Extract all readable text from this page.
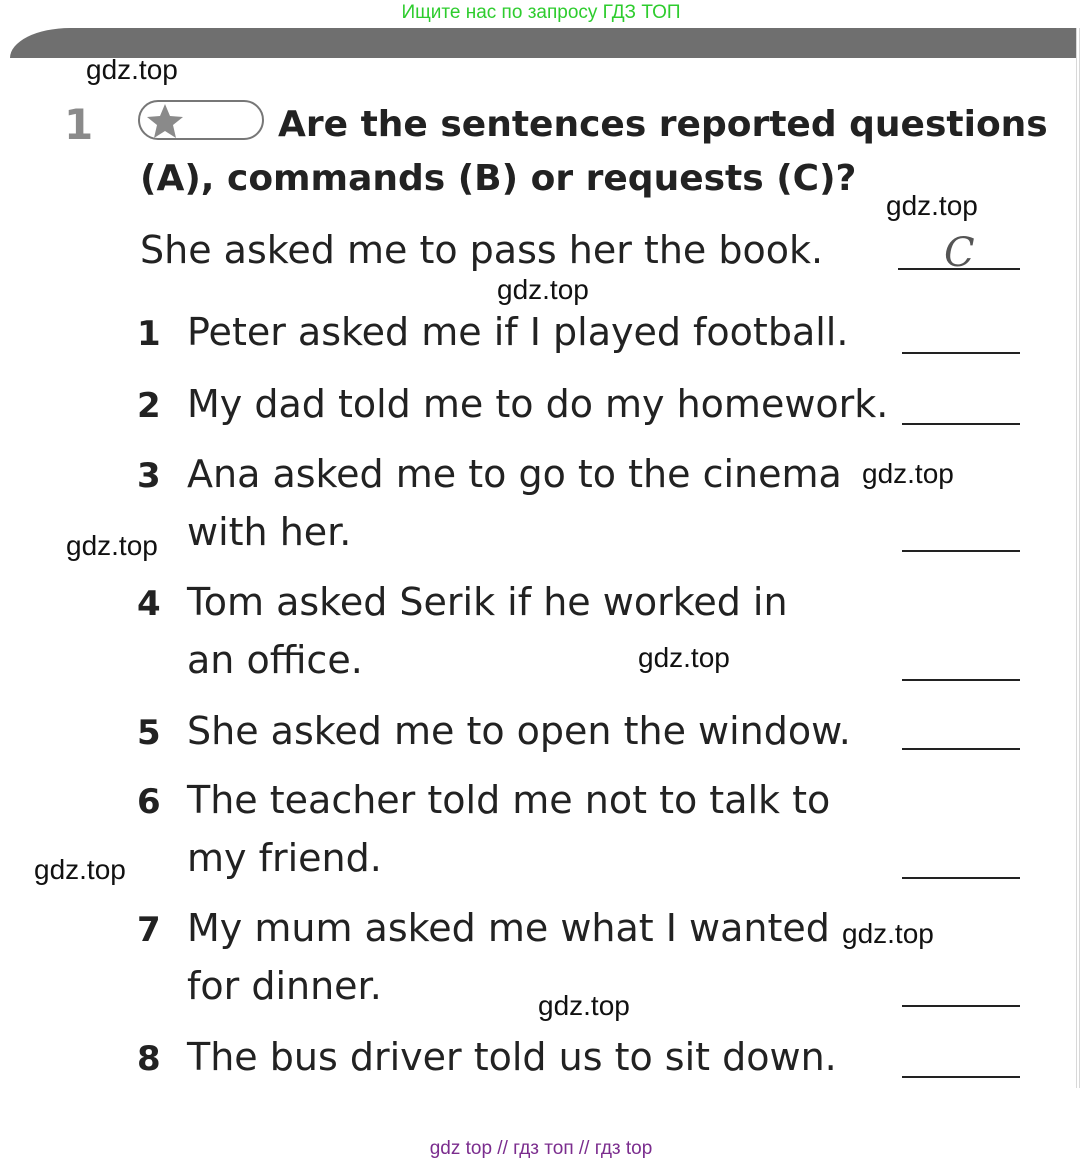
Ищите нас по запросу ГДЗ ТОП
gdz.top
gdz.top
gdz.top
gdz.top
gdz.top
gdz.top
gdz.top
gdz.top
gdz.top
1	Are the sentences reported questions
(A), commands (B) or requests (C)?
She asked me to pass her the book.	C
1 Peter asked me if I played football.
2 My dad told me to do my homework.
3 Ana asked me to go to the cinema
with her.
4 Tom asked Serik if he worked in
an office.
5 She asked me to open the window.
6 The teacher told me not to talk to
my friend.
7 My mum asked me what I wanted
for dinner.
8 The bus driver told us to sit down.
gdz top // гдз топ // гдз top
